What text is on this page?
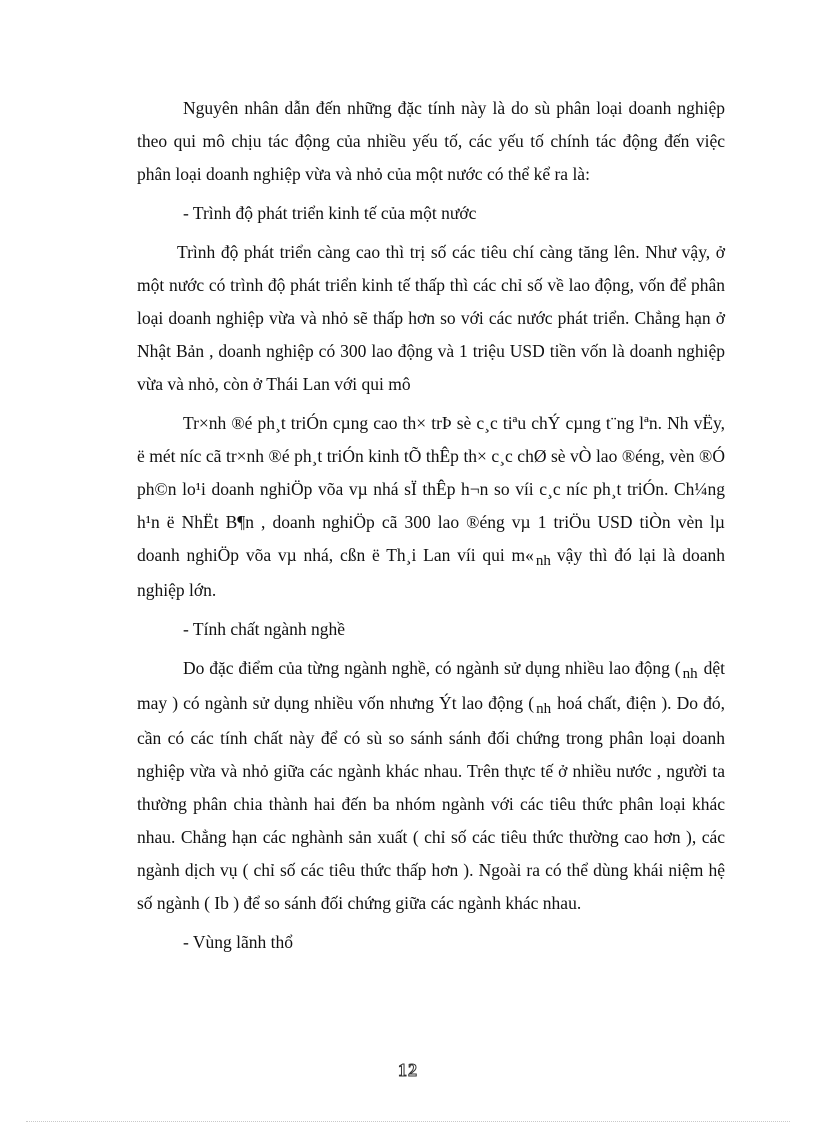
Nguyên nhân dẫn đến những đặc tính này là do sù phân loại doanh nghiệp theo qui mô chịu tác động của nhiều yếu tố, các yếu tố chính tác động đến việc phân loại doanh nghiệp vừa và nhỏ của một nước có thể kể ra là:

- Trình độ phát triển kinh tế của một nước

Trình độ phát triển càng cao thì trị số các tiêu chí càng tăng lên. Như vậy, ở một nước có trình độ phát triển kinh tế thấp thì các chỉ số về lao động, vốn để phân loại doanh nghiệp vừa và nhỏ sẽ thấp hơn so với các nước phát triển. Chẳng hạn ở Nhật Bản , doanh nghiệp có 300 lao động và 1 triệu USD tiền vốn là doanh nghiệp vừa và nhỏ, còn ở Thái Lan với qui mô

Tr×nh ®é ph¸t triÓn cµng cao th× trÞ sè c¸c tiªu chÝ cµng t¨ng lªn. Nh vËy, ë mét níc cã tr×nh ®é ph¸t triÓn kinh tÕ thÊp th× c¸c chØ sè vÒ lao ®éng, vèn ®Ó ph©n lo¹i doanh nghiÖp võa vµ nhá sÏ thÊp h¬n so víi c¸c níc ph¸t triÓn. Ch¼ng h¹n ë NhËt B¶n , doanh nghiÖp cã 300 lao ®éng vµ 1 triÖu USD tiÒn vèn lµ doanh nghiÖp võa vµ nhá, cßn ë Th¸i Lan víi qui m« nh vậy thì đó lại là doanh nghiệp lớn.

- Tính chất ngành nghề

Do đặc điểm của từng ngành nghề, có ngành sử dụng nhiều lao động ( nh dệt may ) có ngành sử dụng nhiều vốn nhưng Ýt lao động ( nh hoá chất, điện ). Do đó, cần có các tính chất này để có sù so sánh sánh đối chứng trong phân loại doanh nghiệp vừa và nhỏ giữa các ngành khác nhau. Trên thực tế ở nhiều nước , người ta thường phân chia thành hai đến ba nhóm ngành với các tiêu thức phân loại khác nhau. Chẳng hạn các nghành sản xuất ( chỉ số các tiêu thức thường cao hơn ), các ngành dịch vụ ( chỉ số các tiêu thức thấp hơn ). Ngoài ra có thể dùng khái niệm hệ số ngành ( Ib ) để so sánh đối chứng giữa các ngành khác nhau.

- Vùng lãnh thổ

12
